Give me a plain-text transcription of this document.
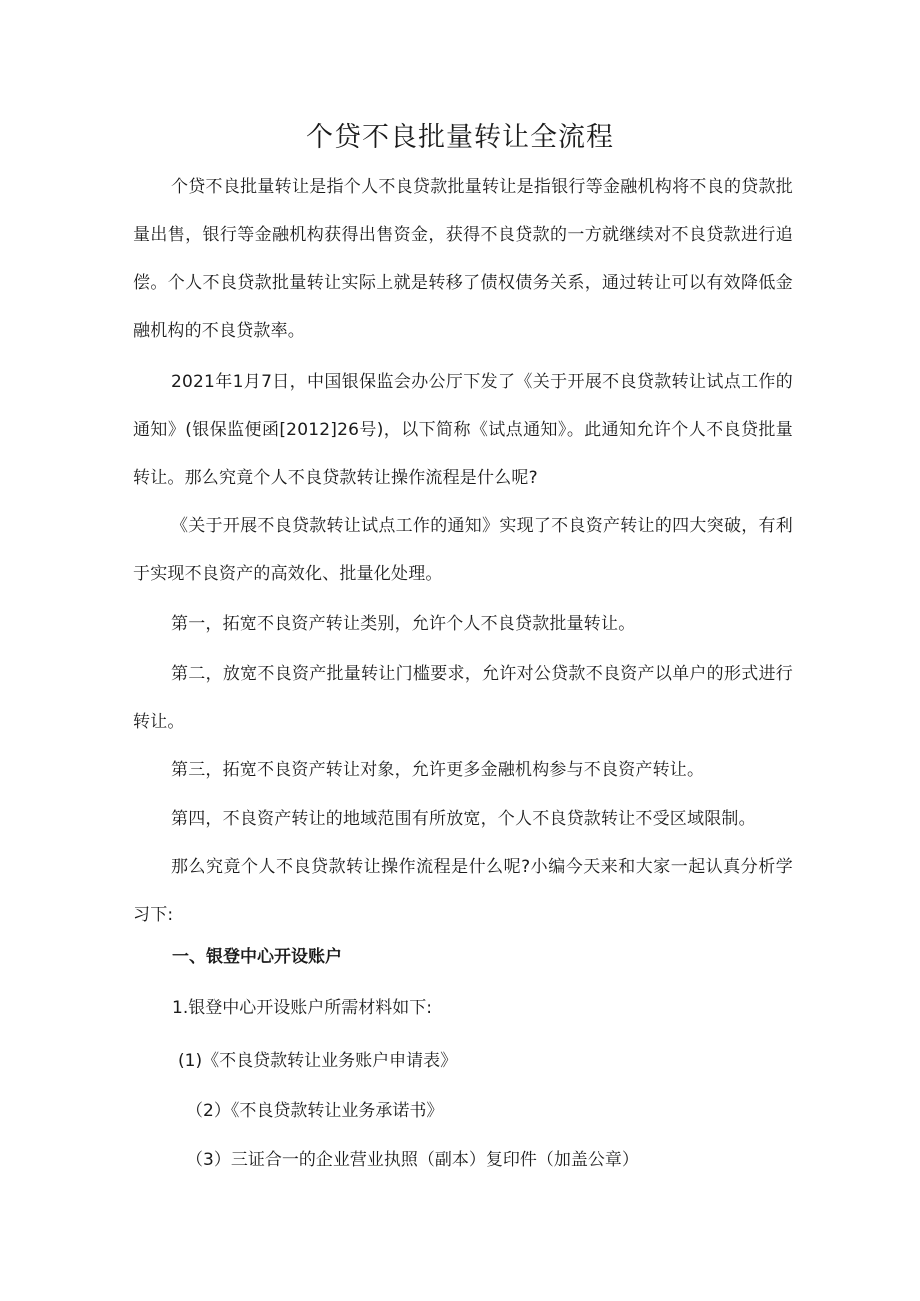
个贷不良批量转让全流程

个贷不良批量转让是指个人不良贷款批量转让是指银行等金融机构将不良的贷款批量出售，银行等金融机构获得出售资金，获得不良贷款的一方就继续对不良贷款进行追偿。个人不良贷款批量转让实际上就是转移了债权债务关系，通过转让可以有效降低金融机构的不良贷款率。

2021年1月7日，中国银保监会办公厅下发了《关于开展不良贷款转让试点工作的通知》(银保监便函[2012]26号)，以下简称《试点通知》。此通知允许个人不良贷批量转让。那么究竟个人不良贷款转让操作流程是什么呢?

《关于开展不良贷款转让试点工作的通知》实现了不良资产转让的四大突破，有利于实现不良资产的高效化、批量化处理。

第一，拓宽不良资产转让类别，允许个人不良贷款批量转让。

第二，放宽不良资产批量转让门槛要求，允许对公贷款不良资产以单户的形式进行转让。

第三，拓宽不良资产转让对象，允许更多金融机构参与不良资产转让。

第四，不良资产转让的地域范围有所放宽，个人不良贷款转让不受区域限制。

那么究竟个人不良贷款转让操作流程是什么呢?小编今天来和大家一起认真分析学习下:

一、银登中心开设账户
1.银登中心开设账户所需材料如下:
(1)《不良贷款转让业务账户申请表》
（2）《不良贷款转让业务承诺书》
（3）三证合一的企业营业执照（副本）复印件（加盖公章）
